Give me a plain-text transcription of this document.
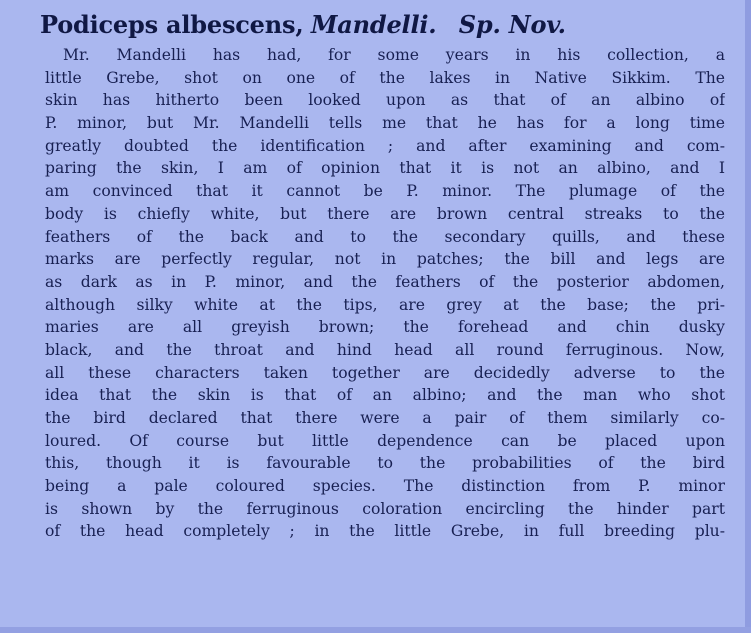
Podiceps albescens, Mandelli. Sp. Nov.
Mr. Mandelli has had, for some years in his collection, a
little Grebe, shot on one of the lakes in Native Sikkim. The
skin has hitherto been looked upon as that of an albino of
P. minor, but Mr. Mandelli tells me that he has for a long time
greatly doubted the identification ; and after examining and com-
paring the skin, I am of opinion that it is not an albino, and I
am convinced that it cannot be P. minor. The plumage of the
body is chiefly white, but there are brown central streaks to the
feathers of the back and to the secondary quills, and these
marks are perfectly regular, not in patches; the bill and legs are
as dark as in P. minor, and the feathers of the posterior abdomen,
although silky white at the tips, are grey at the base; the pri-
maries are all greyish brown; the forehead and chin dusky
black, and the throat and hind head all round ferruginous. Now,
all these characters taken together are decidedly adverse to the
idea that the skin is that of an albino; and the man who shot
the bird declared that there were a pair of them similarly co-
loured. Of course but little dependence can be placed upon
this, though it is favourable to the probabilities of the bird
being a pale coloured species. The distinction from P. minor
is shown by the ferruginous coloration encircling the hinder part
of the head completely ; in the little Grebe, in full breeding plu-
